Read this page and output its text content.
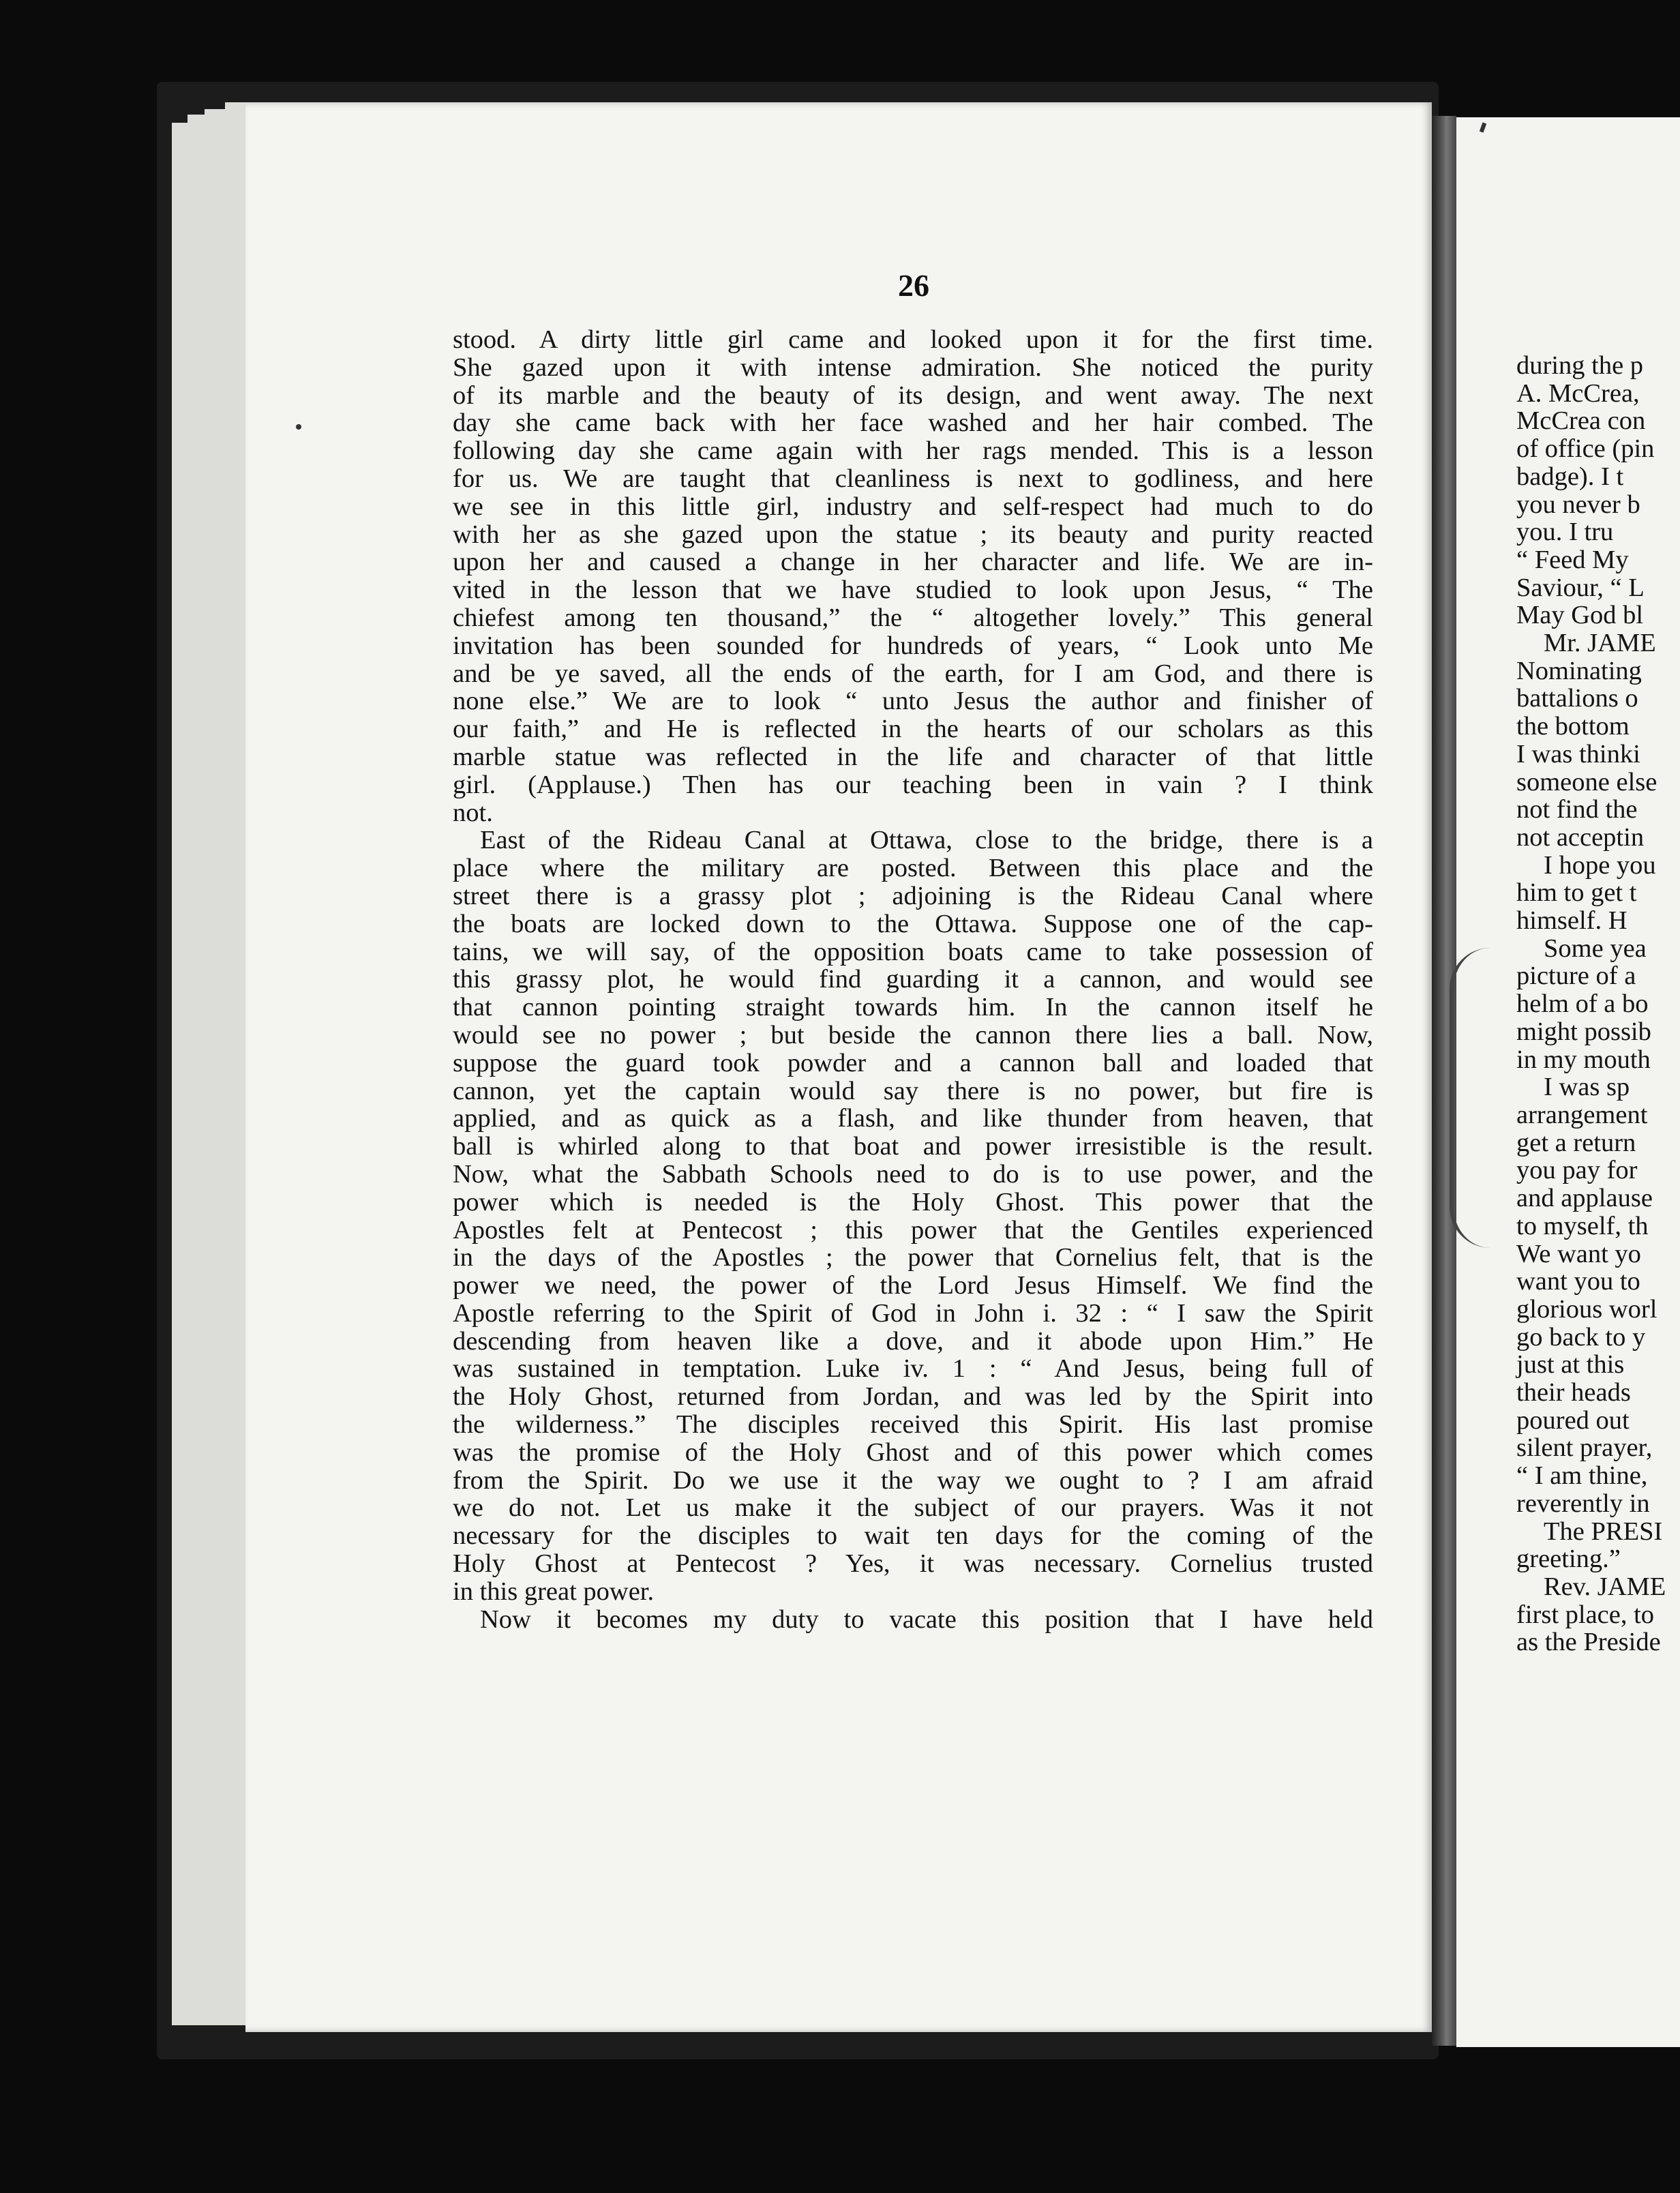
26
stood. A dirty little girl came and looked upon it for the first time.
She gazed upon it with intense admiration. She noticed the purity
of its marble and the beauty of its design, and went away. The next
day she came back with her face washed and her hair combed. The
following day she came again with her rags mended. This is a lesson
for us. We are taught that cleanliness is next to godliness, and here
we see in this little girl, industry and self-respect had much to do
with her as she gazed upon the statue ; its beauty and purity reacted
upon her and caused a change in her character and life. We are in-
vited in the lesson that we have studied to look upon Jesus, “ The
chiefest among ten thousand,” the “ altogether lovely.” This general
invitation has been sounded for hundreds of years, “ Look unto Me
and be ye saved, all the ends of the earth, for I am God, and there is
none else.” We are to look “ unto Jesus the author and finisher of
our faith,” and He is reflected in the hearts of our scholars as this
marble statue was reflected in the life and character of that little
girl. (Applause.) Then has our teaching been in vain ? I think
not.
East of the Rideau Canal at Ottawa, close to the bridge, there is a
place where the military are posted. Between this place and the
street there is a grassy plot ; adjoining is the Rideau Canal where
the boats are locked down to the Ottawa. Suppose one of the cap-
tains, we will say, of the opposition boats came to take possession of
this grassy plot, he would find guarding it a cannon, and would see
that cannon pointing straight towards him. In the cannon itself he
would see no power ; but beside the cannon there lies a ball. Now,
suppose the guard took powder and a cannon ball and loaded that
cannon, yet the captain would say there is no power, but fire is
applied, and as quick as a flash, and like thunder from heaven, that
ball is whirled along to that boat and power irresistible is the result.
Now, what the Sabbath Schools need to do is to use power, and the
power which is needed is the Holy Ghost. This power that the
Apostles felt at Pentecost ; this power that the Gentiles experienced
in the days of the Apostles ; the power that Cornelius felt, that is the
power we need, the power of the Lord Jesus Himself. We find the
Apostle referring to the Spirit of God in John i. 32 : “ I saw the Spirit
descending from heaven like a dove, and it abode upon Him.” He
was sustained in temptation. Luke iv. 1 : “ And Jesus, being full of
the Holy Ghost, returned from Jordan, and was led by the Spirit into
the wilderness.” The disciples received this Spirit. His last promise
was the promise of the Holy Ghost and of this power which comes
from the Spirit. Do we use it the way we ought to ? I am afraid
we do not. Let us make it the subject of our prayers. Was it not
necessary for the disciples to wait ten days for the coming of the
Holy Ghost at Pentecost ? Yes, it was necessary. Cornelius trusted
in this great power.
Now it becomes my duty to vacate this position that I have held
during the p
A. McCrea,
McCrea con
of office (pin
badge). I t
you never b
you. I tru
“ Feed My
Saviour, “ L
May God bl
Mr. JAME
Nominating
battalions o
the bottom
I was thinki
someone else
not find the
not acceptin
I hope you
him to get t
himself. H
Some yea
picture of a
helm of a bo
might possib
in my mouth
I was sp
arrangement
get a return
you pay for
and applause
to myself, th
We want yo
want you to
glorious worl
go back to y
just at this
their heads
poured out
silent prayer,
“ I am thine,
reverently in
The PRESI
greeting.”
Rev. JAME
first place, to
as the Preside
